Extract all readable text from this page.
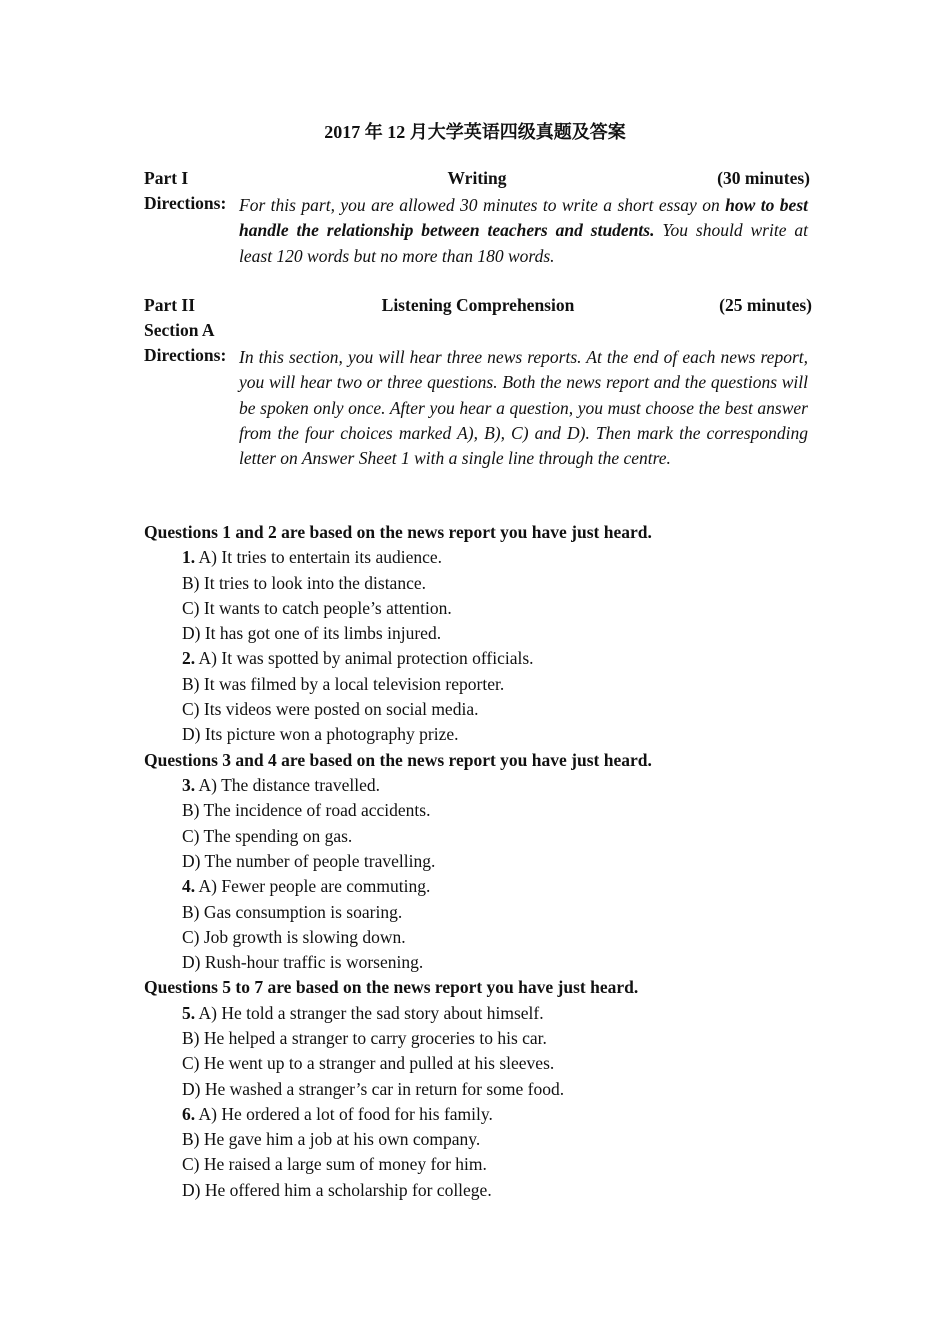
2017 年 12 月大学英语四级真题及答案
Part I	Writing	(30 minutes)
Directions: For this part, you are allowed 30 minutes to write a short essay on how to best handle the relationship between teachers and students. You should write at least 120 words but no more than 180 words.
Part II	Listening Comprehension	(25 minutes)
Section A
Directions: In this section, you will hear three news reports. At the end of each news report, you will hear two or three questions. Both the news report and the questions will be spoken only once. After you hear a question, you must choose the best answer from the four choices marked A), B), C) and D). Then mark the corresponding letter on Answer Sheet 1 with a single line through the centre.
Questions 1 and 2 are based on the news report you have just heard.
1. A) It tries to entertain its audience.
B) It tries to look into the distance.
C) It wants to catch people’s attention.
D) It has got one of its limbs injured.
2. A) It was spotted by animal protection officials.
B) It was filmed by a local television reporter.
C) Its videos were posted on social media.
D) Its picture won a photography prize.
Questions 3 and 4 are based on the news report you have just heard.
3. A) The distance travelled.
B) The incidence of road accidents.
C) The spending on gas.
D) The number of people travelling.
4. A) Fewer people are commuting.
B) Gas consumption is soaring.
C) Job growth is slowing down.
D) Rush-hour traffic is worsening.
Questions 5 to 7 are based on the news report you have just heard.
5. A) He told a stranger the sad story about himself.
B) He helped a stranger to carry groceries to his car.
C) He went up to a stranger and pulled at his sleeves.
D) He washed a stranger’s car in return for some food.
6. A) He ordered a lot of food for his family.
B) He gave him a job at his own company.
C) He raised a large sum of money for him.
D) He offered him a scholarship for college.
